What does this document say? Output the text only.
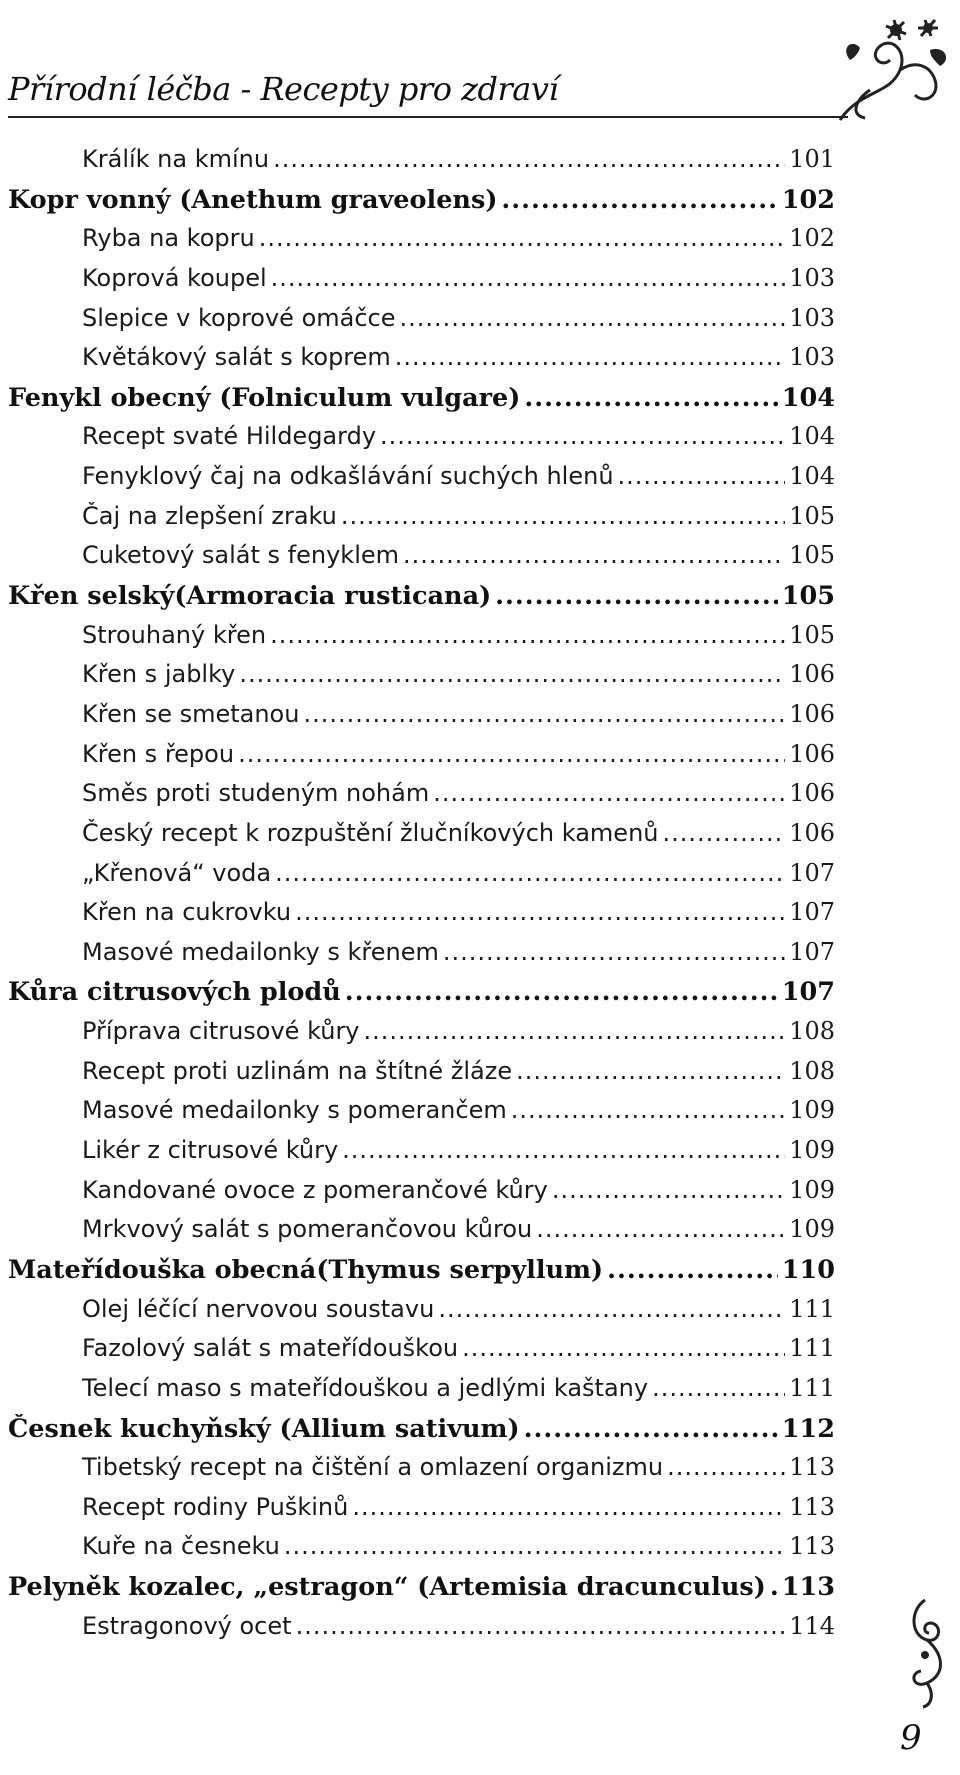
Přírodní léčba - Recepty pro zdraví
9
Králík na kmínu .....	101
Kopr vonný (Anethum graveolens) .....	102
Ryba na kopru .....	102
Koprová koupel .....	103
Slepice v koprové omáčce .....	103
Květákový salát s koprem .....	103
Fenykl obecný (Folniculum vulgare) .....	104
Recept svaté Hildegardy .....	104
Fenyklový čaj na odkašlávání suchých hlenů .....	104
Čaj na zlepšení zraku .....	105
Cuketový salát s fenyklem .....	105
Křen selský(Armoracia rusticana) .....	105
Strouhaný křen .....	105
Křen s jablky .....	106
Křen se smetanou .....	106
Křen s řepou .....	106
Směs proti studeným nohám .....	106
Český recept k rozpuštění žlučníkových kamenů .....	106
„Křenová“ voda .....	107
Křen na cukrovku .....	107
Masové medailonky s křenem .....	107
Kůra citrusových plodů .....	107
Příprava citrusové kůry .....	108
Recept proti uzlinám na štítné žláze .....	108
Masové medailonky s pomerančem .....	109
Likér z citrusové kůry .....	109
Kandované ovoce z pomerančové kůry .....	109
Mrkvový salát s pomerančovou kůrou .....	109
Mateřídouška obecná(Thymus serpyllum) .....	110
Olej léčící nervovou soustavu .....	111
Fazolový salát s mateřídouškou .....	111
Telecí maso s mateřídouškou a jedlými kaštany .....	111
Česnek kuchyňský (Allium sativum) .....	112
Tibetský recept na čištění a omlazení organizmu .....	113
Recept rodiny Puškinů .....	113
Kuře na česneku .....	113
Pelyněk kozalec, „estragon“ (Artemisia dracunculus) ..... 113
Estragonový ocet .....	114
